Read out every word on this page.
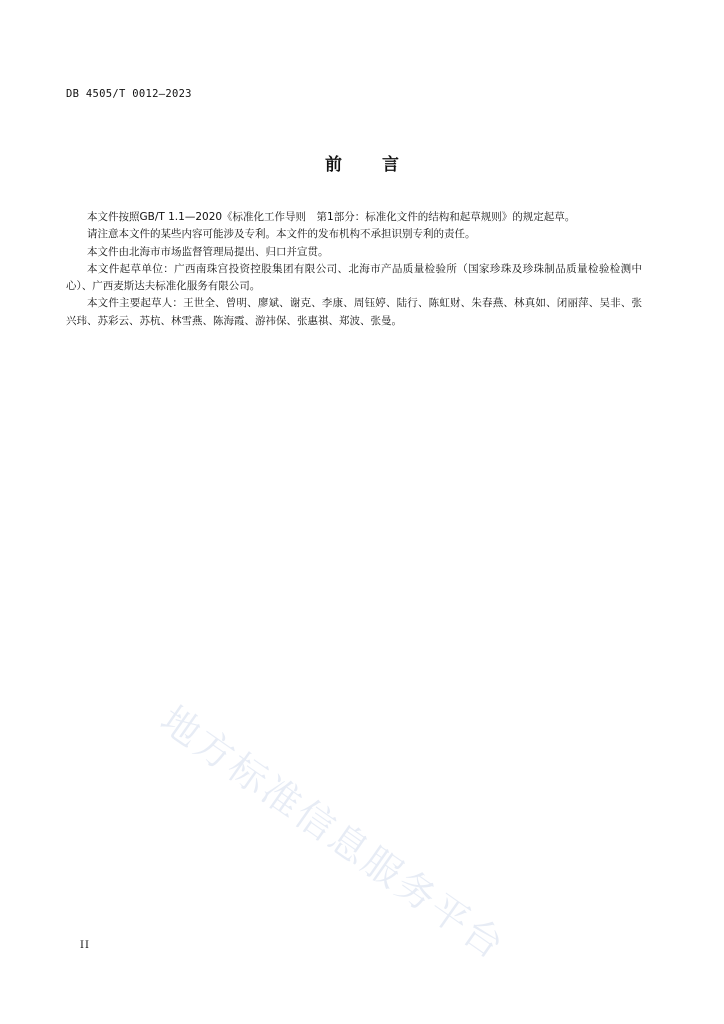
DB 4505/T 0012—2023
前言

本文件按照GB/T 1.1—2020《标准化工作导则　第1部分：标准化文件的结构和起草规则》的规定起草。

请注意本文件的某些内容可能涉及专利。本文件的发布机构不承担识别专利的责任。

本文件由北海市市场监督管理局提出、归口并宣贯。

本文件起草单位：广西南珠宫投资控股集团有限公司、北海市产品质量检验所（国家珍珠及珍珠制品质量检验检测中心）、广西麦斯达夫标准化服务有限公司。

本文件主要起草人：王世全、曾明、廖斌、谢克、李康、周钰婷、陆行、陈虹财、朱春燕、林真如、闭丽萍、吴非、张兴玮、苏彩云、苏杭、林雪燕、陈海霞、游祎保、张惠祺、郑波、张曼。

地方标准信息服务平台
II
